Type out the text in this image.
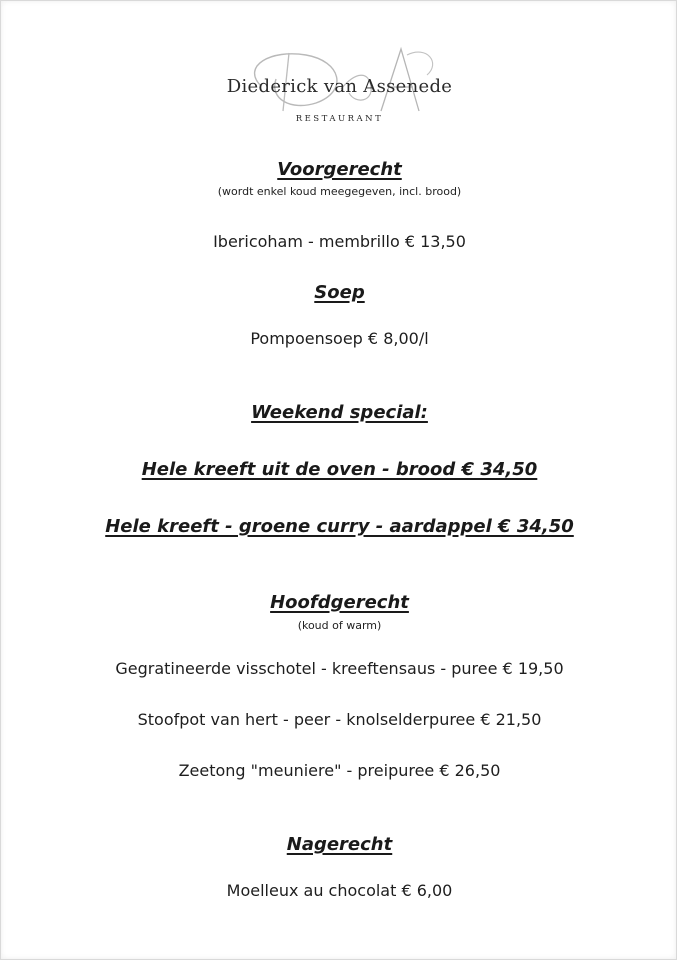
Diederick van Assenede
RESTAURANT
Voorgerecht
(wordt enkel koud meegegeven, incl. brood)
Ibericoham - membrillo € 13,50
Soep
Pompoensoep € 8,00/l
Weekend special:
Hele kreeft uit de oven - brood € 34,50
Hele kreeft - groene curry - aardappel € 34,50
Hoofdgerecht
(koud of warm)
Gegratineerde visschotel - kreeftensaus - puree € 19,50
Stoofpot van hert - peer - knolselderpuree € 21,50
Zeetong "meuniere" - preipuree € 26,50
Nagerecht
Moelleux au chocolat € 6,00
